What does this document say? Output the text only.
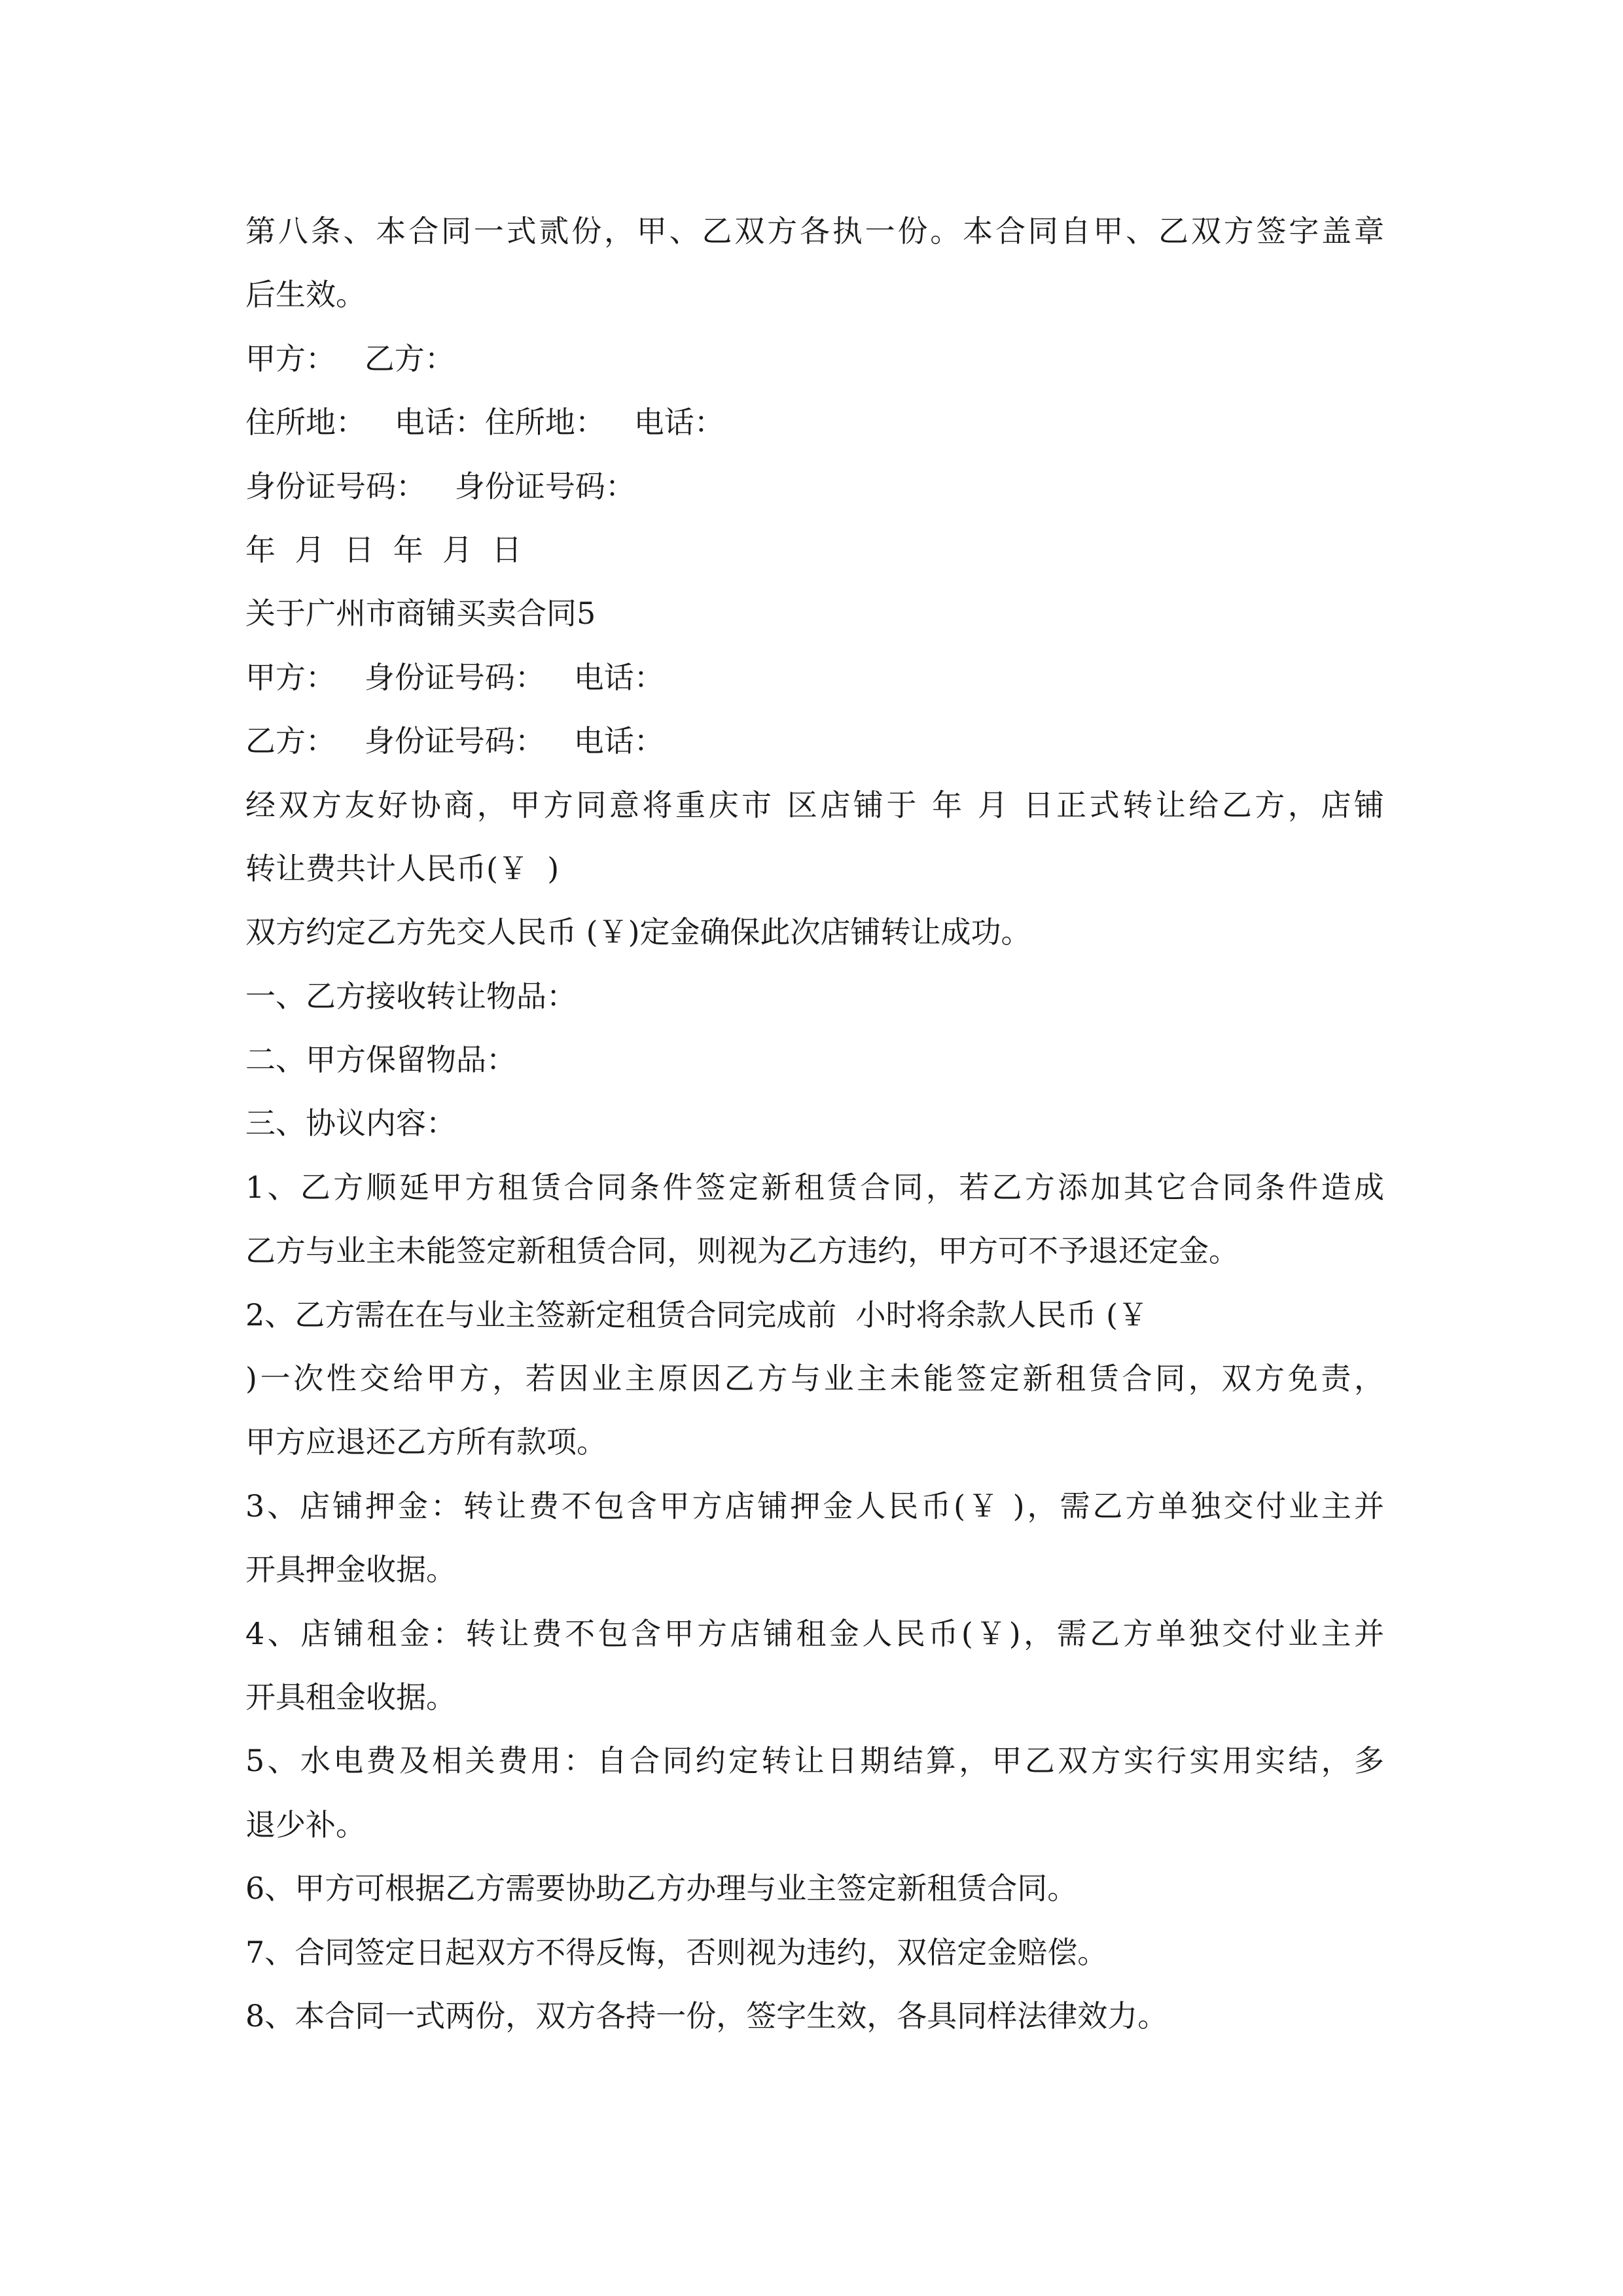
第八条、本合同一式贰份，甲、乙双方各执一份。本合同自甲、乙双方签字盖章
后生效。
甲方：   乙方：
住所地：   电话：住所地：   电话：
身份证号码：   身份证号码：
年  月  日  年  月  日
关于广州市商铺买卖合同5
甲方：   身份证号码：   电话：
乙方：   身份证号码：   电话：
经双方友好协商，甲方同意将重庆市 区店铺于 年 月 日正式转让给乙方，店铺
转让费共计人民币(￥  )
双方约定乙方先交人民币 (￥)定金确保此次店铺转让成功。
一、乙方接收转让物品：
二、甲方保留物品：
三、协议内容：
1、乙方顺延甲方租赁合同条件签定新租赁合同，若乙方添加其它合同条件造成
乙方与业主未能签定新租赁合同，则视为乙方违约，甲方可不予退还定金。
2、乙方需在在与业主签新定租赁合同完成前  小时将余款人民币 (￥
)一次性交给甲方，若因业主原因乙方与业主未能签定新租赁合同，双方免责，
甲方应退还乙方所有款项。
3、店铺押金：转让费不包含甲方店铺押金人民币(￥ )，需乙方单独交付业主并
开具押金收据。
4、店铺租金：转让费不包含甲方店铺租金人民币(￥)，需乙方单独交付业主并
开具租金收据。
5、水电费及相关费用：自合同约定转让日期结算，甲乙双方实行实用实结，多
退少补。
6、甲方可根据乙方需要协助乙方办理与业主签定新租赁合同。
7、合同签定日起双方不得反悔，否则视为违约，双倍定金赔偿。
8、本合同一式两份，双方各持一份，签字生效，各具同样法律效力。
